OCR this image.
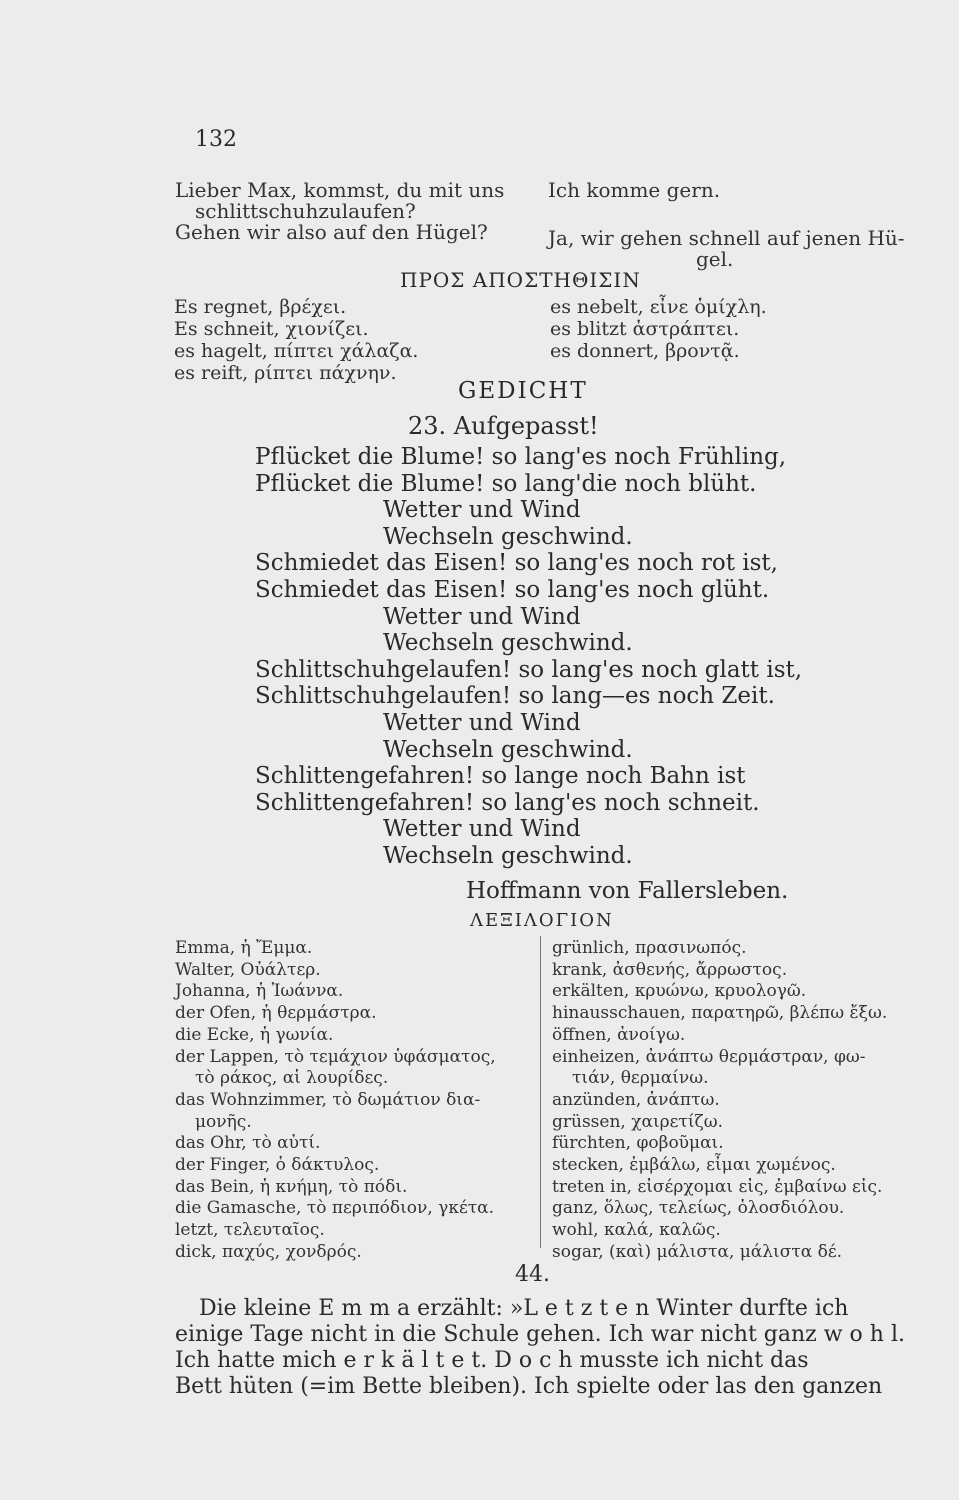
132
Lieber Max, kommst, du mit uns
schlittschuhzulaufen?
Gehen wir also auf den Hügel?
Ich komme gern.
Ja, wir gehen schnell auf jenen Hü-
gel.
ΠΡΟΣ ΑΠΟΣΤΗΘΙΣΙΝ
Es regnet, βρέχει.
Es schneit, χιονίζει.
es hagelt, πίπτει χάλαζα.
es reift, ρίπτει πάχνην.
es nebelt, εἶνε ὁμίχλη.
es blitzt ἀστράπτει.
es donnert, βροντᾷ.
GEDICHT
23. Aufgepasst!
Pflücket die Blume! so lang'es noch Frühling,
Pflücket die Blume! so lang'die noch blüht.
Wetter und Wind
Wechseln geschwind.
Schmiedet das Eisen! so lang'es noch rot ist,
Schmiedet das Eisen! so lang'es noch glüht.
Wetter und Wind
Wechseln geschwind.
Schlittschuhgelaufen! so lang'es noch glatt ist,
Schlittschuhgelaufen! so lang—es noch Zeit.
Wetter und Wind
Wechseln geschwind.
Schlittengefahren! so lange noch Bahn ist
Schlittengefahren! so lang'es noch schneit.
Wetter und Wind
Wechseln geschwind.
Hoffmann von Fallersleben.
ΛΕΞΙΛΟΓΙΟΝ
Emma, ἡ Ἔμμα.
Walter, Οὐάλτερ.
Johanna, ἡ Ἰωάννα.
der Ofen, ἡ θερμάστρα.
die Ecke, ἡ γωνία.
der Lappen, τὸ τεμάχιον ὑφάσματος,
τὸ ράκος, αἱ λουρίδες.
das Wohnzimmer, τὸ δωμάτιον δια-
μονῆς.
das Ohr, τὸ αὐτί.
der Finger, ὁ δάκτυλος.
das Bein, ἡ κνήμη, τὸ πόδι.
die Gamasche, τὸ περιπόδιον, γκέτα.
letzt, τελευταῖος.
dick, παχύς, χονδρός.
grünlich, πρασινωπός.
krank, ἀσθενής, ἄρρωστος.
erkälten, κρυώνω, κρυολογῶ.
hinausschauen, παρατηρῶ, βλέπω ἔξω.
öffnen, ἀνοίγω.
einheizen, ἀνάπτω θερμάστραν, φω-
τιάν, θερμαίνω.
anzünden, ἀνάπτω.
grüssen, χαιρετίζω.
fürchten, φοβοῦμαι.
stecken, ἐμβάλω, εἶμαι χωμένος.
treten in, εἰσέρχομαι εἰς, ἐμβαίνω εἰς.
ganz, ὅλως, τελείως, ὁλοσδιόλου.
wohl, καλά, καλῶς.
sogar, (καὶ) μάλιστα, μάλιστα δέ.
44.
Die kleine E m m a erzählt: »L e t z t e n Winter durfte ich
einige Tage nicht in die Schule gehen. Ich war nicht ganz w o h l.
Ich hatte mich e r k ä l t e t. D o c h musste ich nicht das
Bett hüten (=im Bette bleiben). Ich spielte oder las den ganzen
